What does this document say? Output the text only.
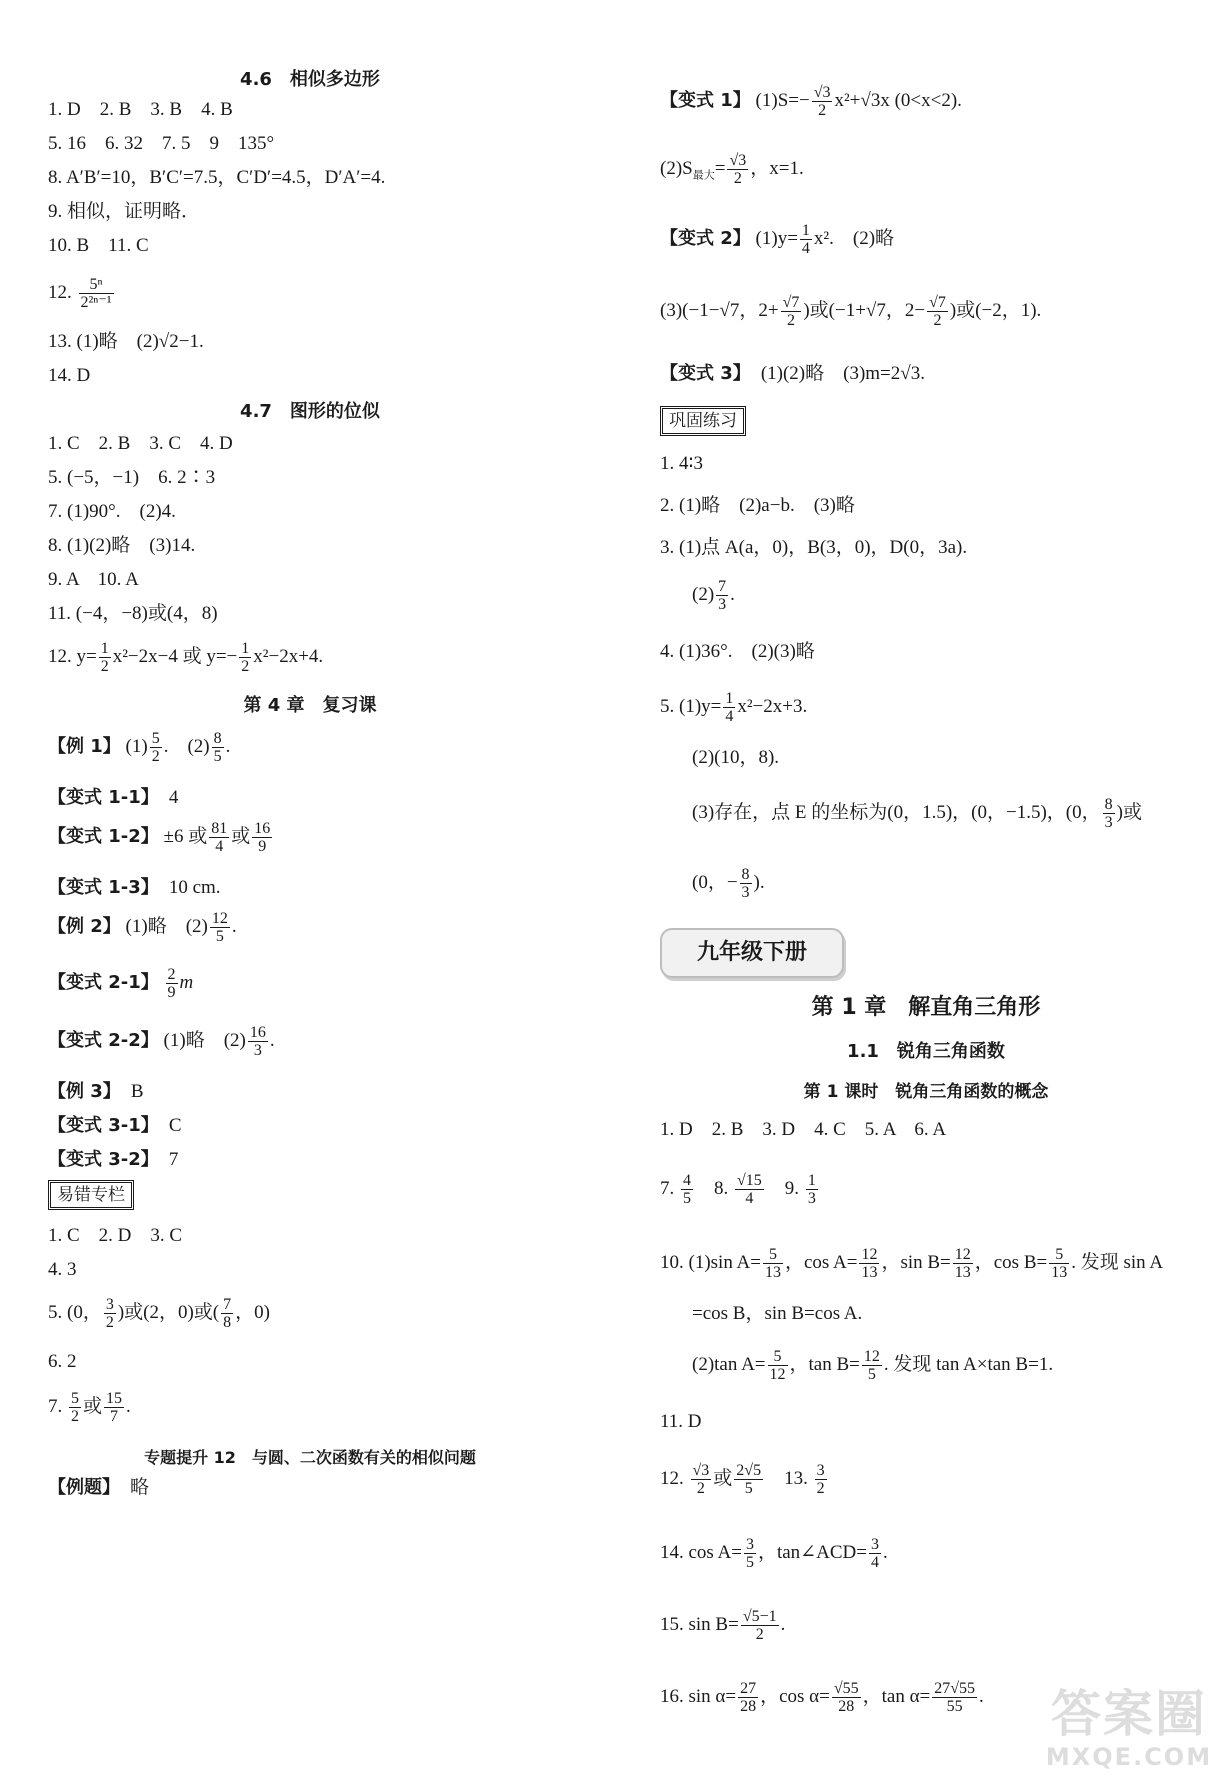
4.6　相似多边形
1. D　2. B　3. B　4. B
5. 16　6. 32　7. 5　9　135°
8. A′B′=10，B′C′=7.5，C′D′=4.5，D′A′=4.
9. 相似，证明略．
10. B　11. C
12. $\frac{\text{5ⁿ}}{\text{2²ⁿ⁻¹}}$
13. (1)略　(2)√2−1.
14. D
4.7　图形的位似
1. C　2. B　3. C　4. D
5. (−5，−1)　6. 2∶3
7. (1)90°.　(2)4.
8. (1)(2)略　(3)14.
9. A　10. A
11. (−4，−8)或(4，8)
12. $y= \frac{1}{2} x^2-2x-4$ 或 $y=- \frac{1}{2} x^2-2x+4$.
第 4 章　复习课
【例 1】 $(1) \frac{5}{2}$ .　$(2) \frac{8}{5}$ .
【变式 1-1】　 4
【变式 1-2】 ±6 或 $\frac{81}{4}$ 或 $\frac{16}{9}$
【变式 1-3】　 10 cm.
【例 2】 (1)略　$(2) \frac{12}{5}$ .
【变式 2-1】 $\frac{2}{9}$ m
【变式 2-2】 (1)略　$(2) \frac{16}{3}$ .
【例 3】　 B
【变式 3-1】　 C
【变式 3-2】　 7
易错专栏
1. C　2. D　3. C
4. 3
5. (0， $\frac{3}{2}$ )或(2，0)或( $\frac{7}{8}$ ，0)
6. 2
7. $\frac{5}{2}$ 或 $\frac{15}{7}$ .
专题提升 12　与圆、二次函数有关的相似问题
【例题】　 略
【变式 1】 $(1)S=- \frac{√3}{2} x^2+√3x$ (0<x<2).
$(2)S_{最大}= \frac{√3}{2}$ ，x=1.
【变式 2】 $(1)y= \frac{1}{4} x^2$.　(2)略
(3)(−1−√7，$2+ \frac{√7}{2}$ )或(−1+√7，$2- \frac{√7}{2}$ )或(−2，1).
【变式 3】　 (1)(2)略　(3)m=2√3.
巩固练习
1. 4∶3
2. (1)略　(2)a−b.　(3)略
3. (1)点 A(a，0)，B(3，0)，D(0，3a).
$(2) \frac{7}{3}$ .
4. (1)36°.　(2)(3)略
5. $(1)y= \frac{1}{4} x^2-2x+3$.
(2)(10，8).
(3)存在，点 E 的坐标为(0，1.5)，(0，−1.5)，(0， $\frac{8}{3}$ )或
(0，− $\frac{8}{3}$ ).
九年级下册
第 1 章　解直角三角形
1.1　锐角三角函数
第 1 课时　锐角三角函数的概念
1. D　2. B　3. D　4. C　5. A　6. A
7. $\frac{4}{5}$ 　8. $\frac{√15}{4}$ 　9. $\frac{1}{3}$
10. (1)sin $A= \frac{5}{13}$ ，$\cos A= \frac{12}{13}$ ，$\sin B= \frac{12}{13}$ ，$\cos B= \frac{5}{13}$ . 发现 sin A
=cos B，sin B=cos A.
(2)tan $A= \frac{5}{12}$ ，$\tan B= \frac{12}{5}$ . 发现 tan A×tan B=1.
11. D
12. $\frac{√3}{2}$ 或 $\frac{2√5}{5}$ 　13. $\frac{3}{2}$
14. $\cos A= \frac{3}{5}$ ，tan∠ACD= $\frac{3}{4}$ .
15. $\sin B= \frac{√5-1}{2}$ .
16. $\sin \alpha= \frac{27}{28}$ ，$\cos \alpha= \frac{√55}{28}$ ，$\tan \alpha= \frac{27√55}{55}$ . 答案圈
MXQE.COM
